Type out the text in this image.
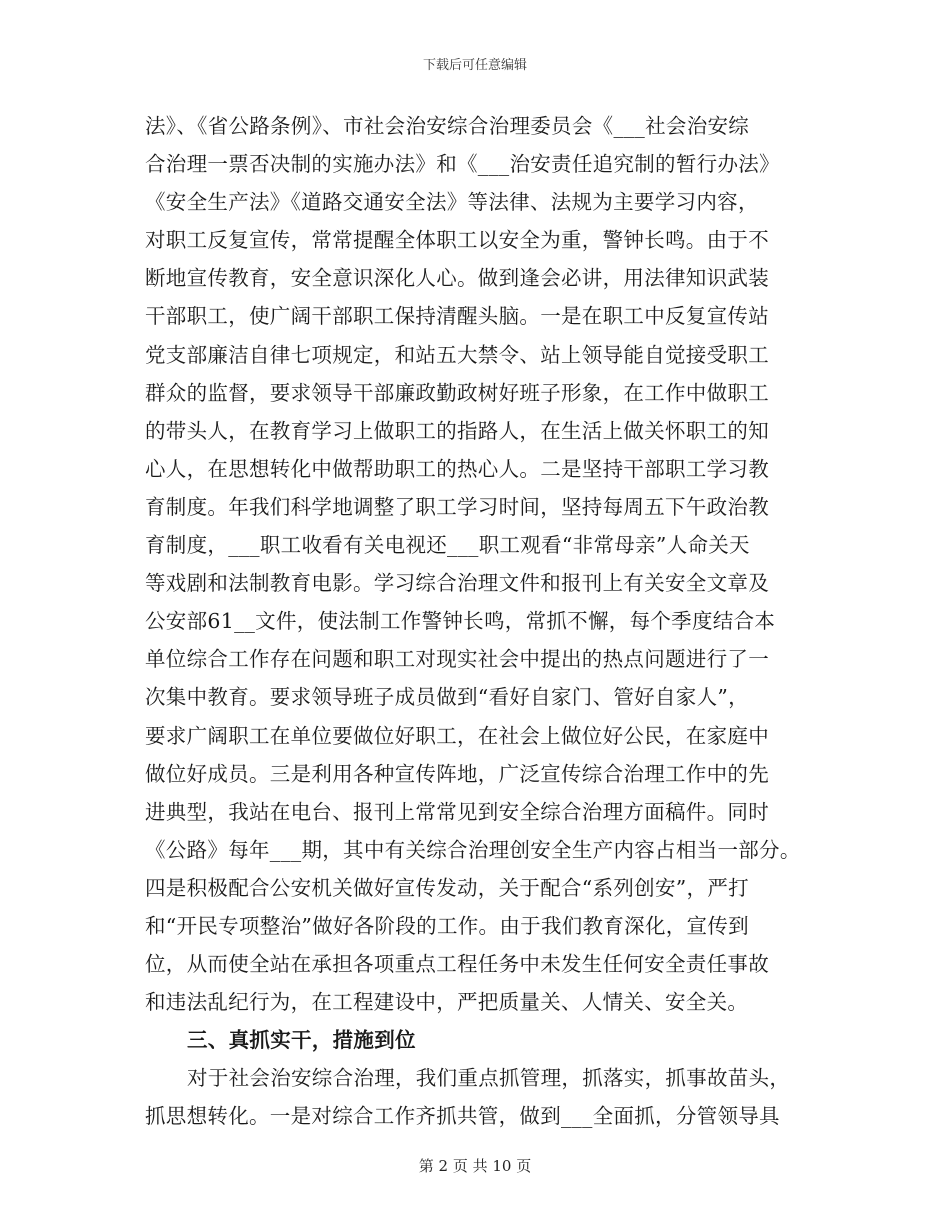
下载后可任意编辑
法》、《省公路条例》、市社会治安综合治理委员会《___社会治安综
合治理一票否决制的实施办法》和《___治安责任追究制的暂行办法》
《安全生产法》《道路交通安全法》等法律、法规为主要学习内容，
对职工反复宣传，常常提醒全体职工以安全为重，警钟长鸣。由于不
断地宣传教育，安全意识深化人心。做到逢会必讲，用法律知识武装
干部职工，使广阔干部职工保持清醒头脑。一是在职工中反复宣传站
党支部廉洁自律七项规定，和站五大禁令、站上领导能自觉接受职工
群众的监督，要求领导干部廉政勤政树好班子形象，在工作中做职工
的带头人，在教育学习上做职工的指路人，在生活上做关怀职工的知
心人，在思想转化中做帮助职工的热心人。二是坚持干部职工学习教
育制度。年我们科学地调整了职工学习时间，坚持每周五下午政治教
育制度，___职工收看有关电视还___职工观看“非常母亲”人命关天
等戏剧和法制教育电影。学习综合治理文件和报刊上有关安全文章及
公安部61__文件，使法制工作警钟长鸣，常抓不懈，每个季度结合本
单位综合工作存在问题和职工对现实社会中提出的热点问题进行了一
次集中教育。要求领导班子成员做到“看好自家门、管好自家人”，
要求广阔职工在单位要做位好职工，在社会上做位好公民，在家庭中
做位好成员。三是利用各种宣传阵地，广泛宣传综合治理工作中的先
进典型，我站在电台、报刊上常常见到安全综合治理方面稿件。同时
《公路》每年___期，其中有关综合治理创安全生产内容占相当一部分。
四是积极配合公安机关做好宣传发动，关于配合“系列创安”，严打
和“开民专项整治”做好各阶段的工作。由于我们教育深化，宣传到
位，从而使全站在承担各项重点工程任务中未发生任何安全责任事故
和违法乱纪行为，在工程建设中，严把质量关、人情关、安全关。
三、真抓实干，措施到位
对于社会治安综合治理，我们重点抓管理，抓落实，抓事故苗头，
抓思想转化。一是对综合工作齐抓共管，做到___全面抓，分管领导具
第 2 页 共 10 页
